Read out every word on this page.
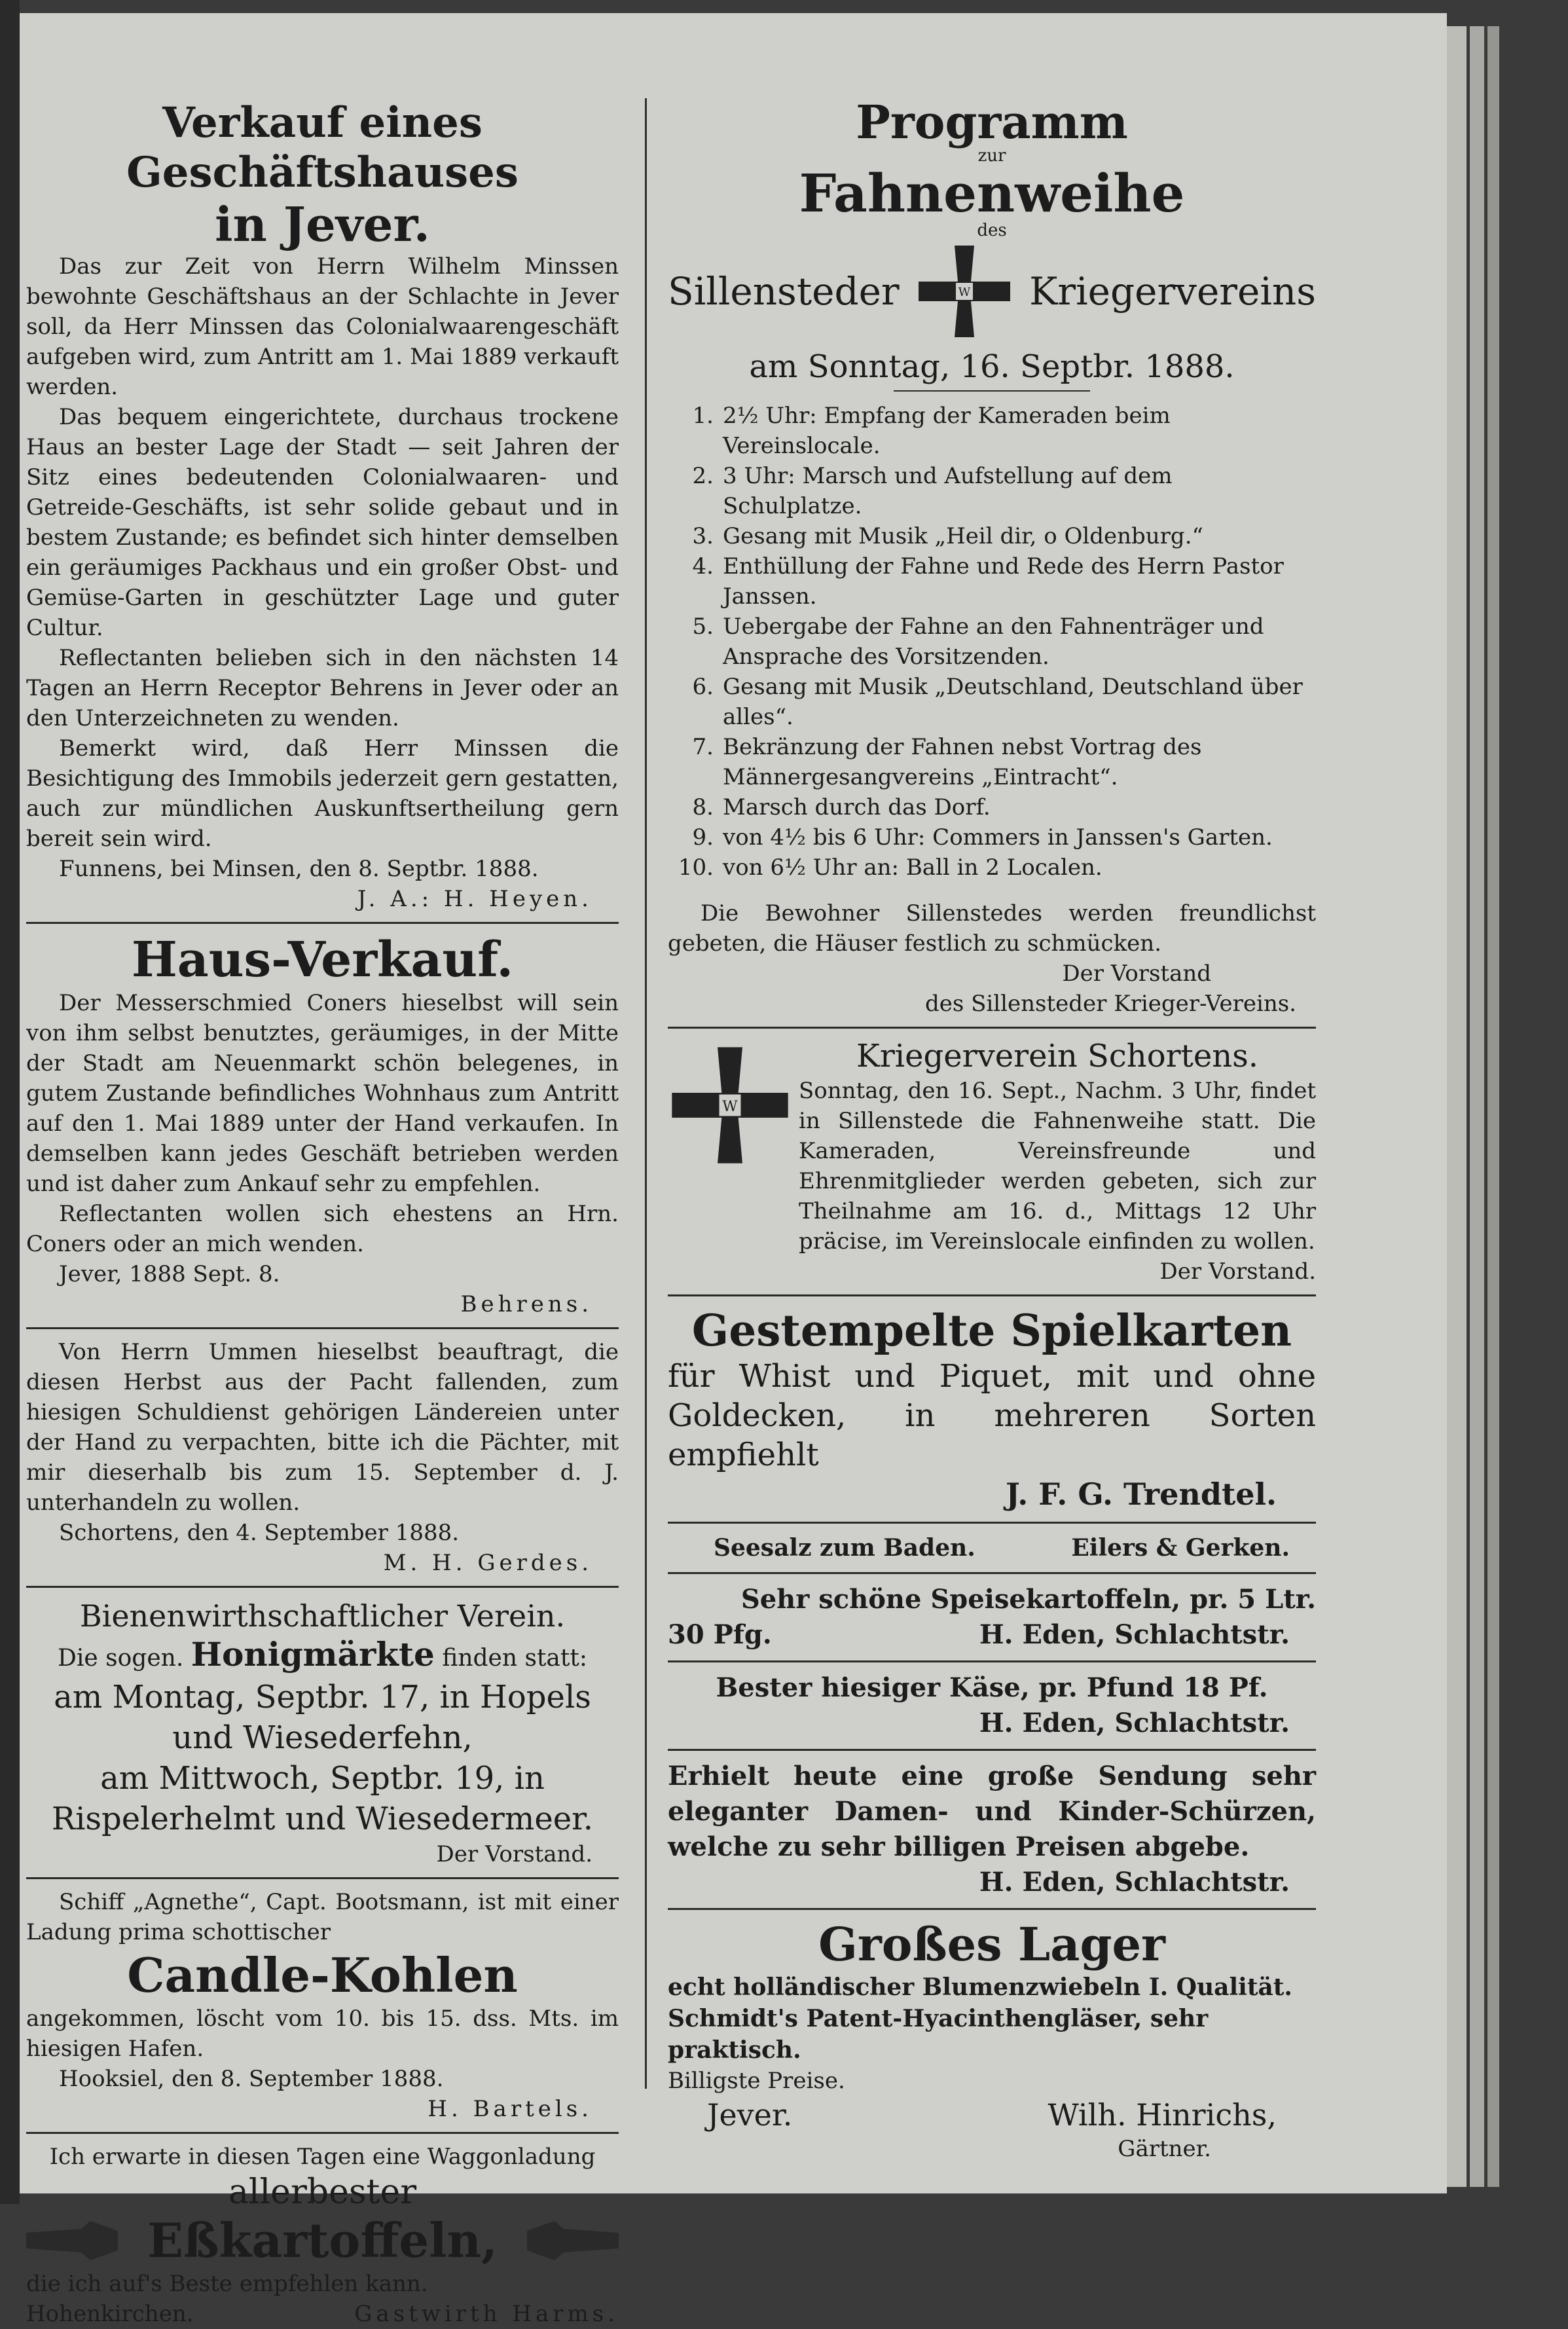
Verkauf eines Geschäftshauses

in Jever.

Das zur Zeit von Herrn Wilhelm Minssen bewohnte Geschäftshaus an der Schlachte in Jever soll, da Herr Minssen das Colonialwaarengeschäft aufgeben wird, zum Antritt am 1. Mai 1889 verkauft werden.

Das bequem eingerichtete, durchaus trockene Haus an bester Lage der Stadt — seit Jahren der Sitz eines bedeutenden Colonialwaaren- und Getreide-Geschäfts, ist sehr solide gebaut und in bestem Zustande; es befindet sich hinter demselben ein geräumiges Packhaus und ein großer Obst- und Gemüse-Garten in geschützter Lage und guter Cultur.

Reflectanten belieben sich in den nächsten 14 Tagen an Herrn Receptor Behrens in Jever oder an den Unterzeichneten zu wenden.

Bemerkt wird, daß Herr Minssen die Besichtigung des Immobils jederzeit gern gestatten, auch zur mündlichen Auskunftsertheilung gern bereit sein wird.

Funnens, bei Minsen, den 8. Septbr. 1888.

J. A.: H. Heyen.

Haus-Verkauf.

Der Messerschmied Coners hieselbst will sein von ihm selbst benutztes, geräumiges, in der Mitte der Stadt am Neuenmarkt schön belegenes, in gutem Zustande befindliches Wohnhaus zum Antritt auf den 1. Mai 1889 unter der Hand verkaufen. In demselben kann jedes Geschäft betrieben werden und ist daher zum Ankauf sehr zu empfehlen.

Reflectanten wollen sich ehestens an Hrn. Coners oder an mich wenden.

Jever, 1888 Sept. 8.

Behrens.

Von Herrn Ummen hieselbst beauftragt, die diesen Herbst aus der Pacht fallenden, zum hiesigen Schuldienst gehörigen Ländereien unter der Hand zu verpachten, bitte ich die Pächter, mit mir dieserhalb bis zum 15. September d. J. unterhandeln zu wollen.

Schortens, den 4. September 1888.

M. H. Gerdes.

Bienenwirthschaftlicher Verein.

Die sogen. Honigmärkte finden statt:

am Montag, Septbr. 17, in Hopels und Wiesederfehn,

am Mittwoch, Septbr. 19, in Rispelerhelmt und Wiesedermeer.

Der Vorstand.

Schiff „Agnethe“, Capt. Bootsmann, ist mit einer Ladung prima schottischer

Candle-Kohlen

angekommen, löscht vom 10. bis 15. dss. Mts. im hiesigen Hafen.

Hooksiel, den 8. September 1888.

H. Bartels.

Ich erwarte in diesen Tagen eine Waggonladung

allerbester

Eßkartoffeln,

die ich auf's Beste empfehlen kann.

Hohenkirchen.	Gastwirth Harms.

Programm

zur

Fahnenweihe

des

Sillensteder	W Kriegervereins

am Sonntag, 16. Septbr. 1888.

1. 2½ Uhr: Empfang der Kameraden beim Vereinslocale.
2. 3 Uhr: Marsch und Aufstellung auf dem Schulplatze.
3. Gesang mit Musik „Heil dir, o Oldenburg.“
4. Enthüllung der Fahne und Rede des Herrn Pastor Janssen.
5. Uebergabe der Fahne an den Fahnenträger und Ansprache des Vorsitzenden.
6. Gesang mit Musik „Deutschland, Deutschland über alles“.
7. Bekränzung der Fahnen nebst Vortrag des Männergesangvereins „Eintracht“.
8. Marsch durch das Dorf.
9. von 4½ bis 6 Uhr: Commers in Janssen's Garten.
10. von 6½ Uhr an: Ball in 2 Localen.

Die Bewohner Sillenstedes werden freundlichst gebeten, die Häuser festlich zu schmücken.

Der Vorstand

des Sillensteder Krieger-Vereins.

W

Kriegerverein Schortens.

Sonntag, den 16. Sept., Nachm. 3 Uhr, findet in Sillenstede die Fahnenweihe statt. Die Kameraden, Vereinsfreunde und Ehrenmitglieder werden gebeten, sich zur Theilnahme am 16. d., Mittags 12 Uhr präcise, im Vereinslocale einfinden zu wollen.

Der Vorstand.

Gestempelte Spielkarten

für Whist und Piquet, mit und ohne Goldecken, in mehreren Sorten empfiehlt

J. F. G. Trendtel.

Seesalz zum Baden.	Eilers & Gerken.

Sehr schöne Speisekartoffeln, pr. 5 Ltr.

30 Pfg.	H. Eden, Schlachtstr.

Bester hiesiger Käse, pr. Pfund 18 Pf.

H. Eden, Schlachtstr.

Erhielt heute eine große Sendung sehr eleganter Damen- und Kinder-Schürzen, welche zu sehr billigen Preisen abgebe.

H. Eden, Schlachtstr.

Großes Lager

echt holländischer Blumenzwiebeln I. Qualität.

Schmidt's Patent-Hyacinthengläser, sehr praktisch.

Billigste Preise.

Jever.	Wilh. Hinrichs,

Gärtner.
